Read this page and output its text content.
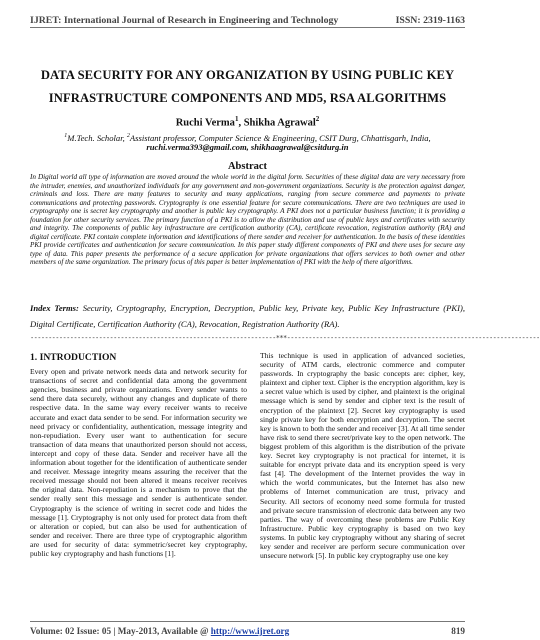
IJRET: International Journal of Research in Engineering and Technology	ISSN: 2319-1163
DATA SECURITY FOR ANY ORGANIZATION BY USING PUBLIC KEY
INFRASTRUCTURE COMPONENTS AND MD5, RSA ALGORITHMS
Ruchi Verma$^1$, Shikha Agrawal$^2$
$^1$M.Tech. Scholar, $^2$Assistant professor, Computer Science & Engineering, CSIT Durg, Chhattisgarh, India,
ruchi.verma393@gmail.com, shikhaagrawal@csitdurg.in
Abstract
In Digital world all type of information are moved around the whole world in the digital form. Securities of these digital data are very necessary from the intruder, enemies, and unauthorized individuals for any government and non-government organizations. Security is the protection against danger, criminals and loss. There are many features to security and many applications, ranging from secure commerce and payments to private communications and protecting passwords. Cryptography is one essential feature for secure communications. There are two techniques are used in cryptography one is secret key cryptography and another is public key cryptography. A PKI does not a particular business function; it is providing a foundation for other security services. The primary function of a PKI is to allow the distribution and use of public keys and certificates with security and integrity. The components of public key infrastructure are certification authority (CA), certificate revocation, registration authority (RA) and digital certificate. PKI contain complete information and identifications of there sender and receiver for authentication. In the basis of these identities PKI provide certificates and authentication for secure communication. In this paper study different components of PKI and there uses for secure any type of data. This paper presents the performance of a secure application for private organizations that offers services to both owner and other members of the same organization. The primary focus of this paper is better implementation of PKI with the help of there algorithms.
Index Terms: Security, Cryptography, Encryption, Decryption, Public key, Private key, Public Key Infrastructure (PKI), Digital Certificate, Certification Authority (CA), Revocation, Registration Authority (RA).
--------------------------------------------------------------------***----------------------------------------------------------------------
1. INTRODUCTION
Every open and private network needs data and network security for transactions of secret and confidential data among the government agencies, business and private organizations. Every sender wants to send there data securely, without any changes and duplicate of there respective data. In the same way every receiver wants to receive accurate and exact data sender to be send. For information security we need privacy or confidentiality, authentication, message integrity and non-repudiation. Every user want to authentication for secure transaction of data means that unauthorized person should not access, intercept and copy of these data. Sender and receiver have all the information about together for the identification of authenticate sender and receiver. Message integrity means assuring the receiver that the received message should not been altered it means receiver receives the original data. Non-repudiation is a mechanism to prove that the sender really sent this message and sender is authenticate sender. Cryptography is the science of writing in secret code and hides the message [1]. Cryptography is not only used for protect data from theft or alteration or copied, but can also be used for authentication of sender and receiver. There are three type of cryptographic algorithm are used for security of data: symmetric/secret key cryptography, public key cryptography and hash functions [1].
This technique is used in application of advanced societies, security of ATM cards, electronic commerce and computer passwords. In cryptography the basic concepts are: cipher, key, plaintext and cipher text. Cipher is the encryption algorithm, key is a secret value which is used by cipher, and plaintext is the original message which is send by sender and cipher text is the result of encryption of the plaintext [2]. Secret key cryptography is used single private key for both encryption and decryption. The secret key is known to both the sender and receiver [3]. At all time sender have risk to send there secret/private key to the open network. The biggest problem of this algorithm is the distribution of the private key. Secret key cryptography is not practical for internet, it is suitable for encrypt private data and its encryption speed is very fast [4]. The development of the Internet provides the way in which the world communicates, but the Internet has also new problems of Internet communication are trust, privacy and Security. All sectors of economy need some formula for trusted and private secure transmission of electronic data between any two parties. The way of overcoming these problems are Public Key Infrastructure. Public key cryptography is based on two key systems. In public key cryptography without any sharing of secret key sender and receiver are perform secure communication over unsecure network [5]. In public key cryptography use one key
Volume: 02 Issue: 05 | May-2013, Available @ http://www.ijret.org	819
